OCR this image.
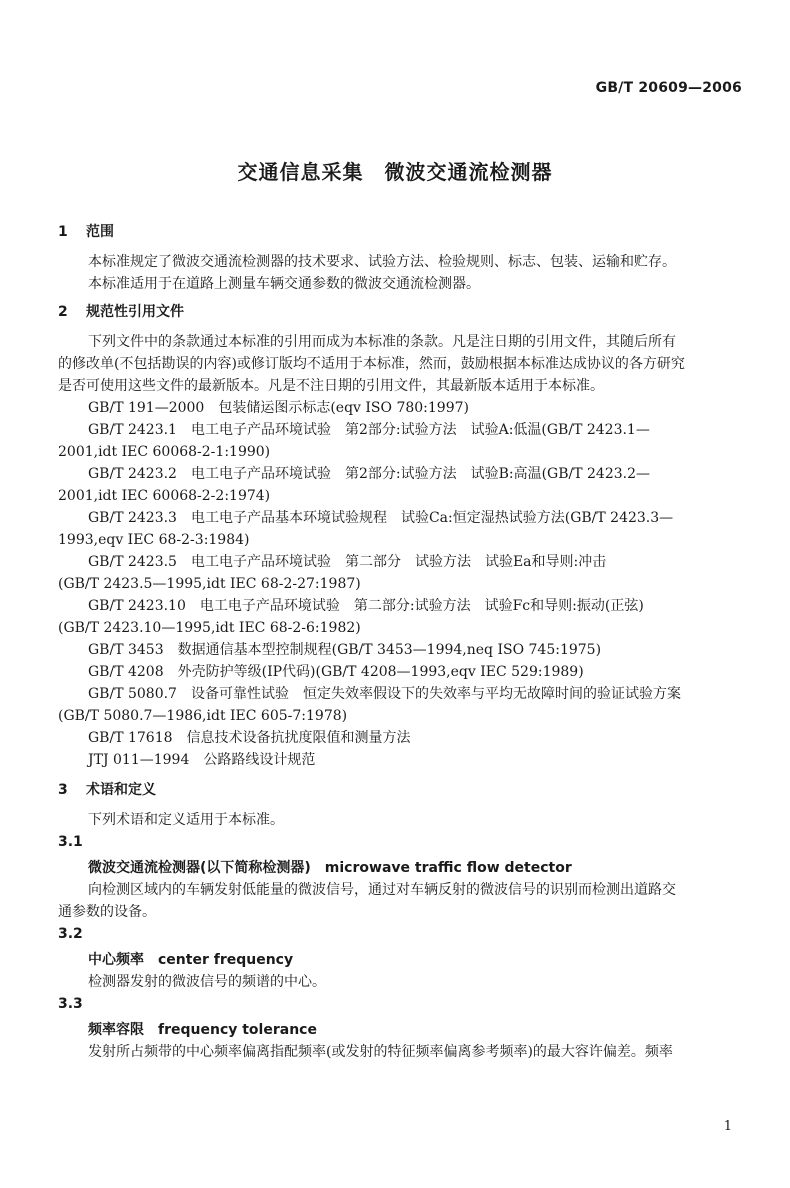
GB/T 20609—2006
交通信息采集　微波交通流检测器
1 范围

本标准规定了微波交通流检测器的技术要求、试验方法、检验规则、标志、包装、运输和贮存。

本标准适用于在道路上测量车辆交通参数的微波交通流检测器。

2 规范性引用文件

下列文件中的条款通过本标准的引用而成为本标准的条款。凡是注日期的引用文件，其随后所有

的修改单(不包括勘误的内容)或修订版均不适用于本标准，然而，鼓励根据本标准达成协议的各方研究

是否可使用这些文件的最新版本。凡是不注日期的引用文件，其最新版本适用于本标准。

GB/T 191—2000　包装储运图示标志(eqv ISO 780:1997)

GB/T 2423.1　电工电子产品环境试验　第2部分:试验方法　试验A:低温(GB/T 2423.1—

2001,idt IEC 60068-2-1:1990)

GB/T 2423.2　电工电子产品环境试验　第2部分:试验方法　试验B:高温(GB/T 2423.2—

2001,idt IEC 60068-2-2:1974)

GB/T 2423.3　电工电子产品基本环境试验规程　试验Ca:恒定湿热试验方法(GB/T 2423.3—

1993,eqv IEC 68-2-3:1984)

GB/T 2423.5　电工电子产品环境试验　第二部分　试验方法　试验Ea和导则:冲击

(GB/T 2423.5—1995,idt IEC 68-2-27:1987)

GB/T 2423.10　电工电子产品环境试验　第二部分:试验方法　试验Fc和导则:振动(正弦)

(GB/T 2423.10—1995,idt IEC 68-2-6:1982)

GB/T 3453　数据通信基本型控制规程(GB/T 3453—1994,neq ISO 745:1975)

GB/T 4208　外壳防护等级(IP代码)(GB/T 4208—1993,eqv IEC 529:1989)

GB/T 5080.7　设备可靠性试验　恒定失效率假设下的失效率与平均无故障时间的验证试验方案

(GB/T 5080.7—1986,idt IEC 605-7:1978)

GB/T 17618　信息技术设备抗扰度限值和测量方法

JTJ 011—1994　公路路线设计规范

3 术语和定义

下列术语和定义适用于本标准。

3.1
微波交通流检测器(以下简称检测器) microwave traffic flow detector

向检测区域内的车辆发射低能量的微波信号，通过对车辆反射的微波信号的识别而检测出道路交

通参数的设备。

3.2
中心频率 center frequency

检测器发射的微波信号的频谱的中心。

3.3
频率容限 frequency tolerance

发射所占频带的中心频率偏离指配频率(或发射的特征频率偏离参考频率)的最大容许偏差。频率

1
